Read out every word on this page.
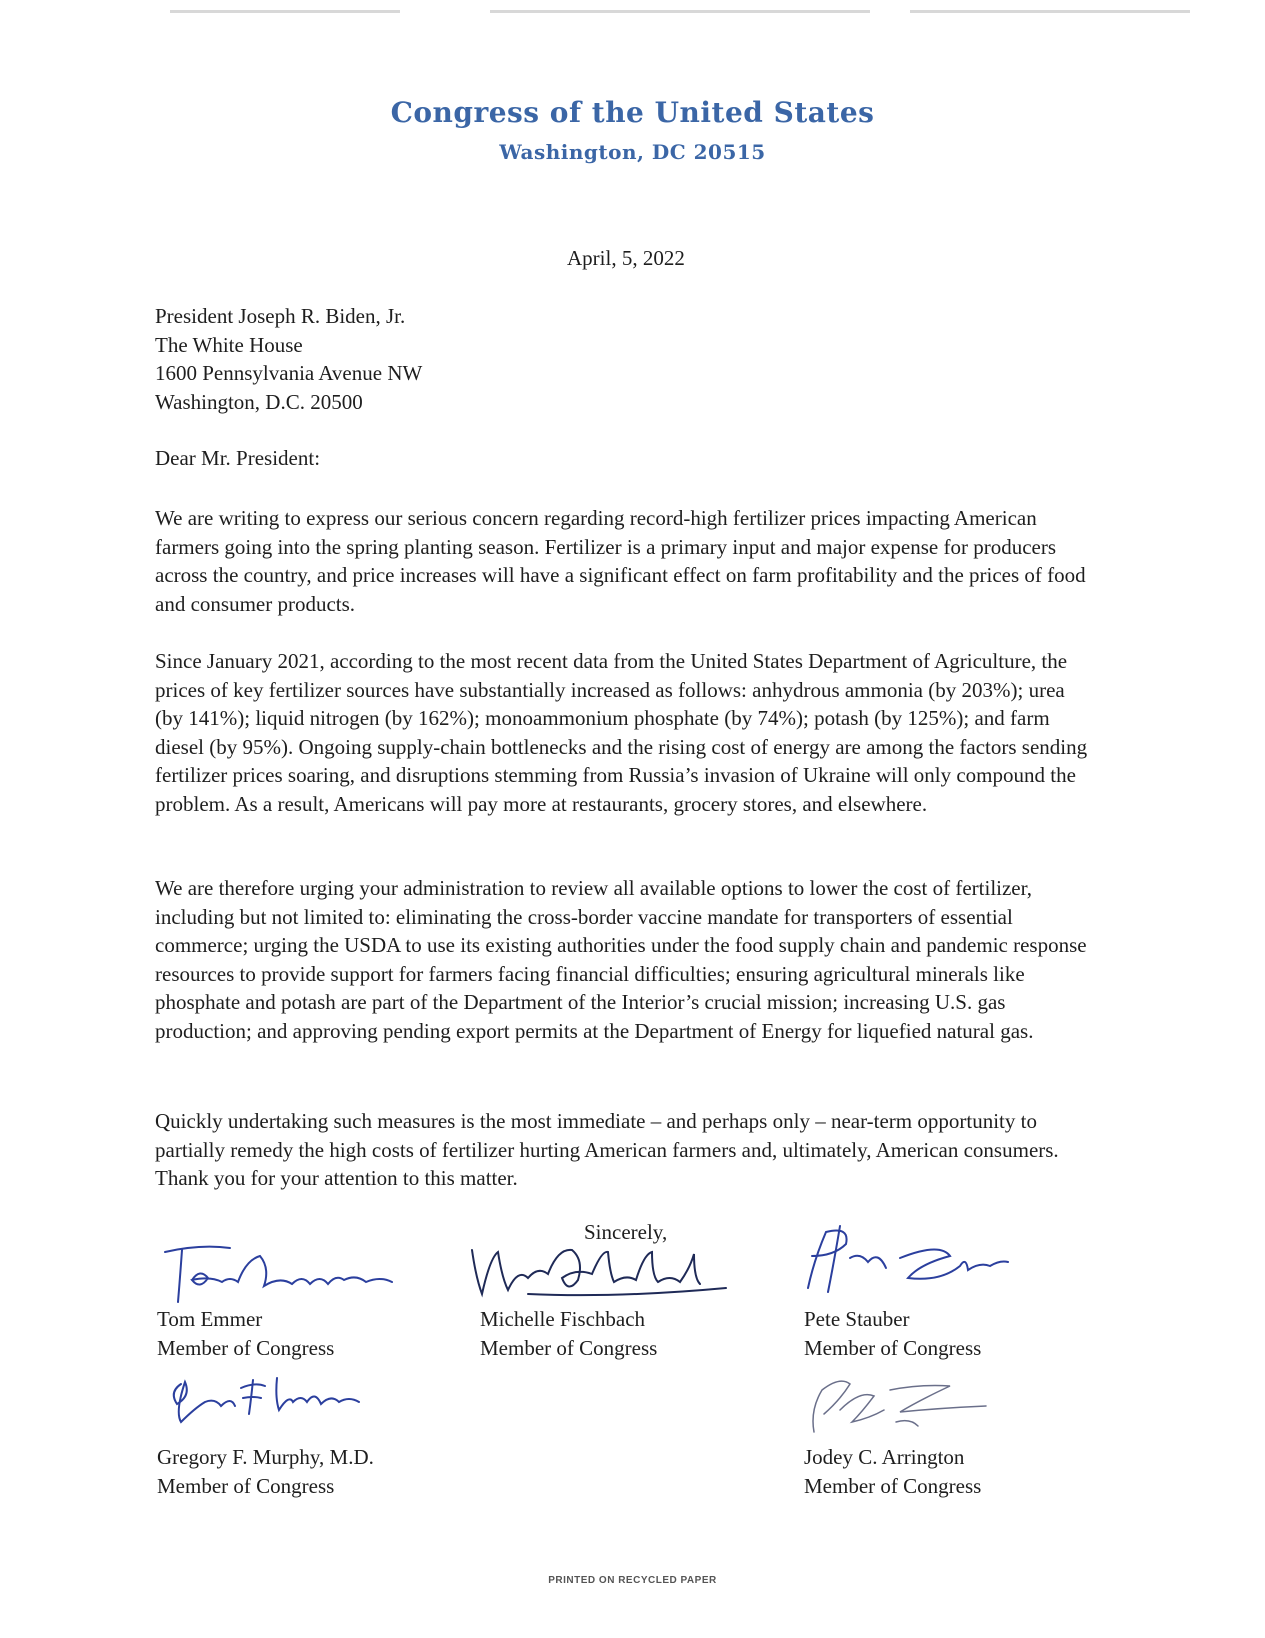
Congress of the United States
Washington, DC 20515
April, 5, 2022
President Joseph R. Biden, Jr.
The White House
1600 Pennsylvania Avenue NW
Washington, D.C. 20500
Dear Mr. President:
We are writing to express our serious concern regarding record-high fertilizer prices impacting American farmers going into the spring planting season. Fertilizer is a primary input and major expense for producers across the country, and price increases will have a significant effect on farm profitability and the prices of food and consumer products.
Since January 2021, according to the most recent data from the United States Department of Agriculture, the prices of key fertilizer sources have substantially increased as follows: anhydrous ammonia (by 203%); urea (by 141%); liquid nitrogen (by 162%); monoammonium phosphate (by 74%); potash (by 125%); and farm diesel (by 95%). Ongoing supply-chain bottlenecks and the rising cost of energy are among the factors sending fertilizer prices soaring, and disruptions stemming from Russia’s invasion of Ukraine will only compound the problem. As a result, Americans will pay more at restaurants, grocery stores, and elsewhere.
We are therefore urging your administration to review all available options to lower the cost of fertilizer, including but not limited to: eliminating the cross-border vaccine mandate for transporters of essential commerce; urging the USDA to use its existing authorities under the food supply chain and pandemic response resources to provide support for farmers facing financial difficulties; ensuring agricultural minerals like phosphate and potash are part of the Department of the Interior’s crucial mission; increasing U.S. gas production; and approving pending export permits at the Department of Energy for liquefied natural gas.
Quickly undertaking such measures is the most immediate – and perhaps only – near-term opportunity to partially remedy the high costs of fertilizer hurting American farmers and, ultimately, American consumers. Thank you for your attention to this matter.
Sincerely,
Tom Emmer
Member of Congress
Michelle Fischbach
Member of Congress
Pete Stauber
Member of Congress
Gregory F. Murphy, M.D.
Member of Congress
Jodey C. Arrington
Member of Congress
PRINTED ON RECYCLED PAPER
